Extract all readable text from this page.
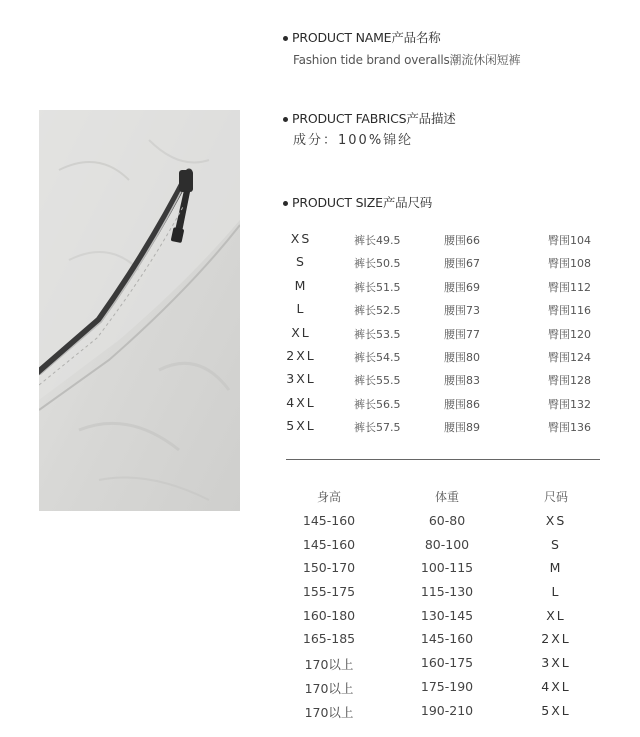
PRODUCT NAME产品名称
Fashion tide brand overalls潮流休闲短裤
PRODUCT FABRICS产品描述
成分：100%锦纶
PRODUCT SIZE产品尺码
XS	裤长49.5	腰围66	臀围104
S	裤长50.5	腰围67	臀围108
M	裤长51.5	腰围69	臀围112
L	裤长52.5	腰围73	臀围116
XL	裤长53.5	腰围77	臀围120
2XL	裤长54.5	腰围80	臀围124
3XL	裤长55.5	腰围83	臀围128
4XL	裤长56.5	腰围86	臀围132
5XL	裤长57.5	腰围89	臀围136
身高	体重	尺码
145-160	60-80	XS
145-160	80-100	S
150-170	100-115	M
155-175	115-130	L
160-180	130-145	XL
165-185	145-160	2XL
170以上	160-175	3XL
170以上	175-190	4XL
170以上	190-210	5XL
